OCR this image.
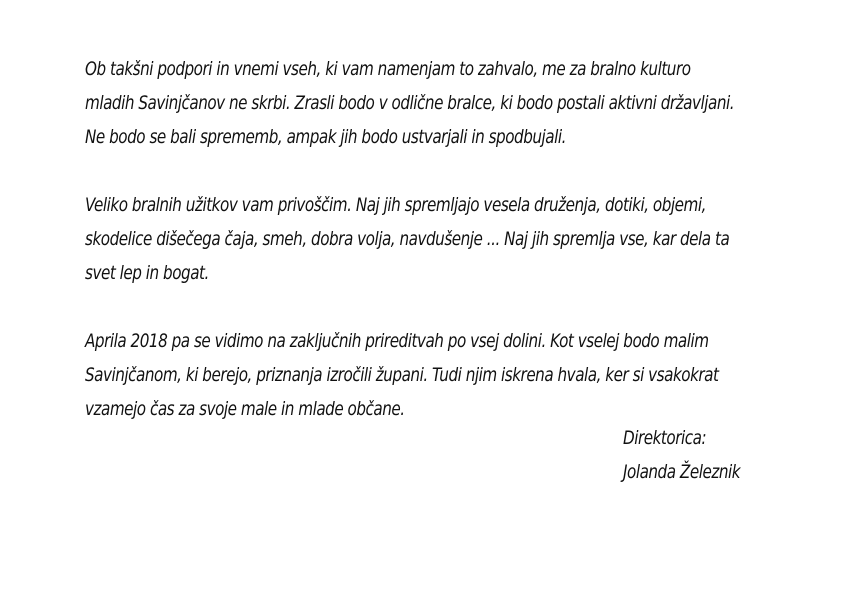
Ob takšni podpori in vnemi vseh, ki vam namenjam to zahvalo, me za bralno kulturo
mladih Savinjčanov ne skrbi. Zrasli bodo v odlične bralce, ki bodo postali aktivni državljani.
Ne bodo se bali sprememb, ampak jih bodo ustvarjali in spodbujali.
Veliko bralnih užitkov vam privoščim. Naj jih spremljajo vesela druženja, dotiki, objemi,
skodelice dišečega čaja, smeh, dobra volja, navdušenje ... Naj jih spremlja vse, kar dela ta
svet lep in bogat.
Aprila 2018 pa se vidimo na zaključnih prireditvah po vsej dolini. Kot vselej bodo malim
Savinjčanom, ki berejo, priznanja izročili župani. Tudi njim iskrena hvala, ker si vsakokrat
vzamejo čas za svoje male in mlade občane.
Direktorica:
Jolanda Železnik
